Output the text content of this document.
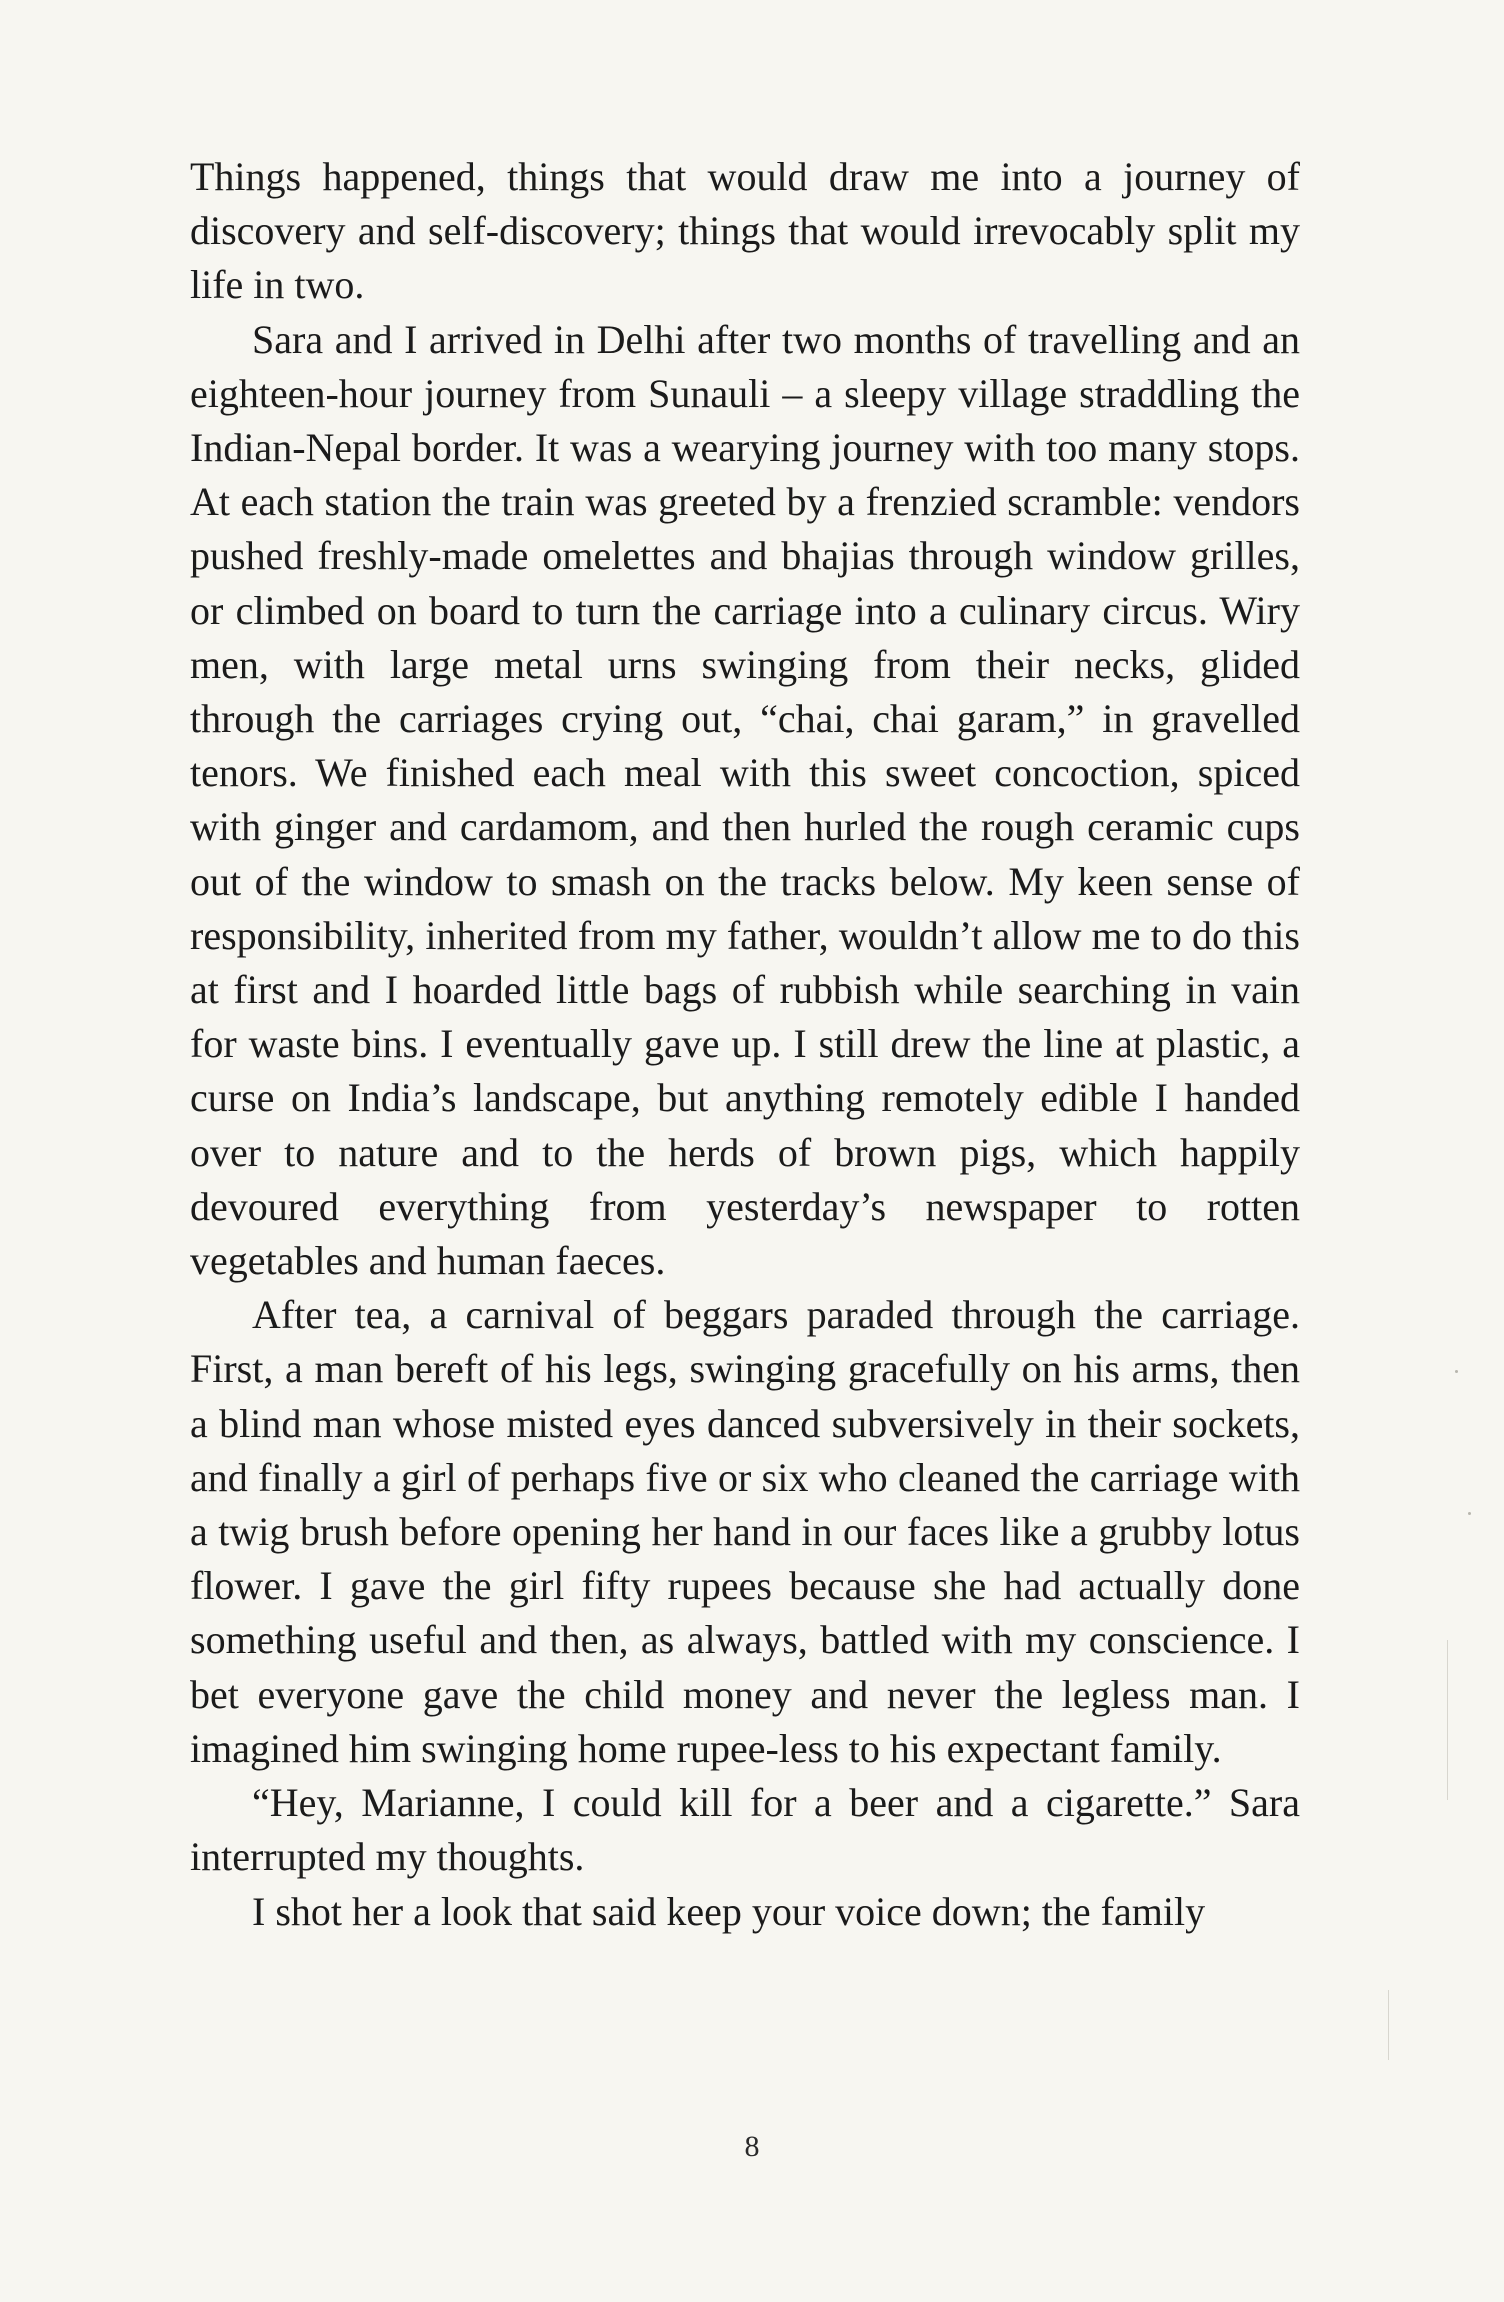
Things happened, things that would draw me into a journey of discovery and self-discovery; things that would irrevocably split my life in two.

Sara and I arrived in Delhi after two months of travelling and an eighteen-hour journey from Sunauli – a sleepy village straddling the Indian-Nepal border. It was a wearying journey with too many stops. At each station the train was greeted by a frenzied scramble: vendors pushed freshly-made omelettes and bhajias through window grilles, or climbed on board to turn the carriage into a culinary circus. Wiry men, with large metal urns swinging from their necks, glided through the carriages crying out, “chai, chai garam,” in gravelled tenors. We finished each meal with this sweet concoction, spiced with ginger and cardamom, and then hurled the rough ceramic cups out of the window to smash on the tracks below. My keen sense of responsibility, inherited from my father, wouldn’t allow me to do this at first and I hoarded little bags of rubbish while searching in vain for waste bins. I eventually gave up. I still drew the line at plastic, a curse on India’s landscape, but anything remotely edible I handed over to nature and to the herds of brown pigs, which happily devoured everything from yesterday’s newspaper to rotten vegetables and human faeces.

After tea, a carnival of beggars paraded through the carriage. First, a man bereft of his legs, swinging gracefully on his arms, then a blind man whose misted eyes danced subversively in their sockets, and finally a girl of perhaps five or six who cleaned the carriage with a twig brush before opening her hand in our faces like a grubby lotus flower. I gave the girl fifty rupees because she had actually done something useful and then, as always, battled with my conscience. I bet everyone gave the child money and never the legless man. I imagined him swinging home rupee-less to his expectant family.

“Hey, Marianne, I could kill for a beer and a cigarette.” Sara interrupted my thoughts.

I shot her a look that said keep your voice down; the family

8
